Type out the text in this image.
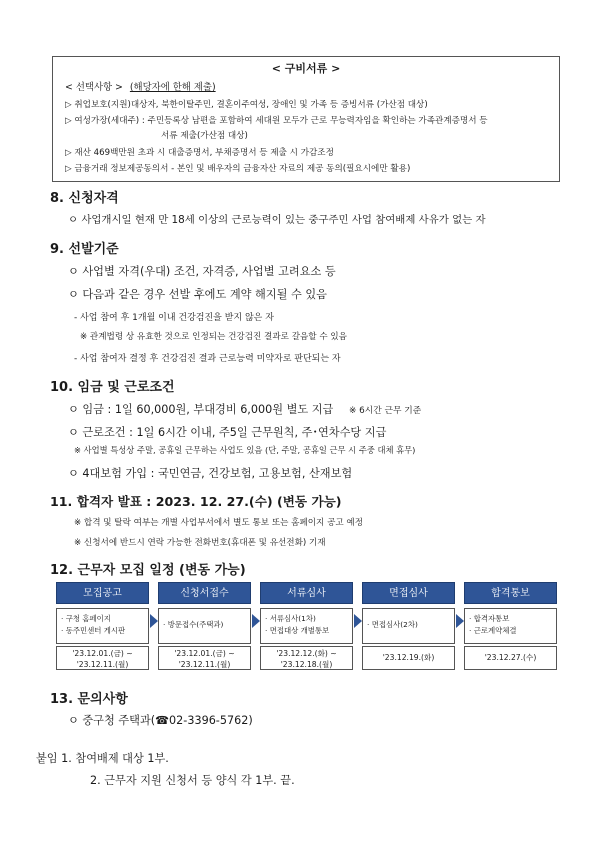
< 구비서류 >
< 선택사항 > (해당자에 한해 제출)
▷ 취업보호(지원)대상자, 북한이탈주민, 결혼이주여성, 장애인 및 가족 등 증빙서류 (가산점 대상)
▷ 여성가장(세대주) : 주민등록상 남편을 포함하여 세대원 모두가 근로 무능력자임을 확인하는 가족관계증명서 등
서류 제출(가산점 대상)
▷ 재산 469백만원 초과 시 대출증명서, 부채증명서 등 제출 시 가감조정
▷ 금융거래 정보제공동의서 - 본인 및 배우자의 금융자산 자료의 제공 동의(필요시에만 활용)
8. 신청자격
ㅇ 사업개시일 현재 만 18세 이상의 근로능력이 있는 중구주민 사업 참여배제 사유가 없는 자
9. 선발기준
ㅇ 사업별 자격(우대) 조건, 자격증, 사업별 고려요소 등
ㅇ 다음과 같은 경우 선발 후에도 계약 해지될 수 있음
- 사업 참여 후 1개월 이내 건강검진을 받지 않은 자
※ 관계법령 상 유효한 것으로 인정되는 건강검진 결과로 갈음할 수 있음
- 사업 참여자 결정 후 건강검진 결과 근로능력 미약자로 판단되는 자
10. 임금 및 근로조건
ㅇ 임금 : 1일 60,000원, 부대경비 6,000원 별도 지급 ※ 6시간 근무 기준
ㅇ 근로조건 : 1일 6시간 이내, 주5일 근무원칙, 주･연차수당 지급
※ 사업별 특성상 주말, 공휴일 근무하는 사업도 있음 (단, 주말, 공휴일 근무 시 주중 대체 휴무)
ㅇ 4대보험 가입 : 국민연금, 건강보험, 고용보험, 산재보험
11. 합격자 발표 : 2023. 12. 27.(수) (변동 가능)
※ 합격 및 탈락 여부는 개별 사업부서에서 별도 통보 또는 홈페이지 공고 예정
※ 신청서에 반드시 연락 가능한 전화번호(휴대폰 및 유선전화) 기재
12. 근무자 모집 일정 (변동 가능)
모집공고
· 구청 홈페이지
· 동주민센터 게시판
'23.12.01.(금) ~
'23.12.11.(월)
신청서접수
· 방문접수(주택과)
'23.12.01.(금) ~
'23.12.11.(월)
서류심사
· 서류심사(1차)
· 면접대상 개별통보
'23.12.12.(화) ~
'23.12.18.(월)
면접심사
· 면접심사(2차)
'23.12.19.(화)
합격통보
· 합격자통보
· 근로계약체결
'23.12.27.(수)
13. 문의사항
ㅇ 중구청 주택과(☎02-3396-5762)
붙임 1. 참여배제 대상 1부.
2. 근무자 지원 신청서 등 양식 각 1부. 끝.
